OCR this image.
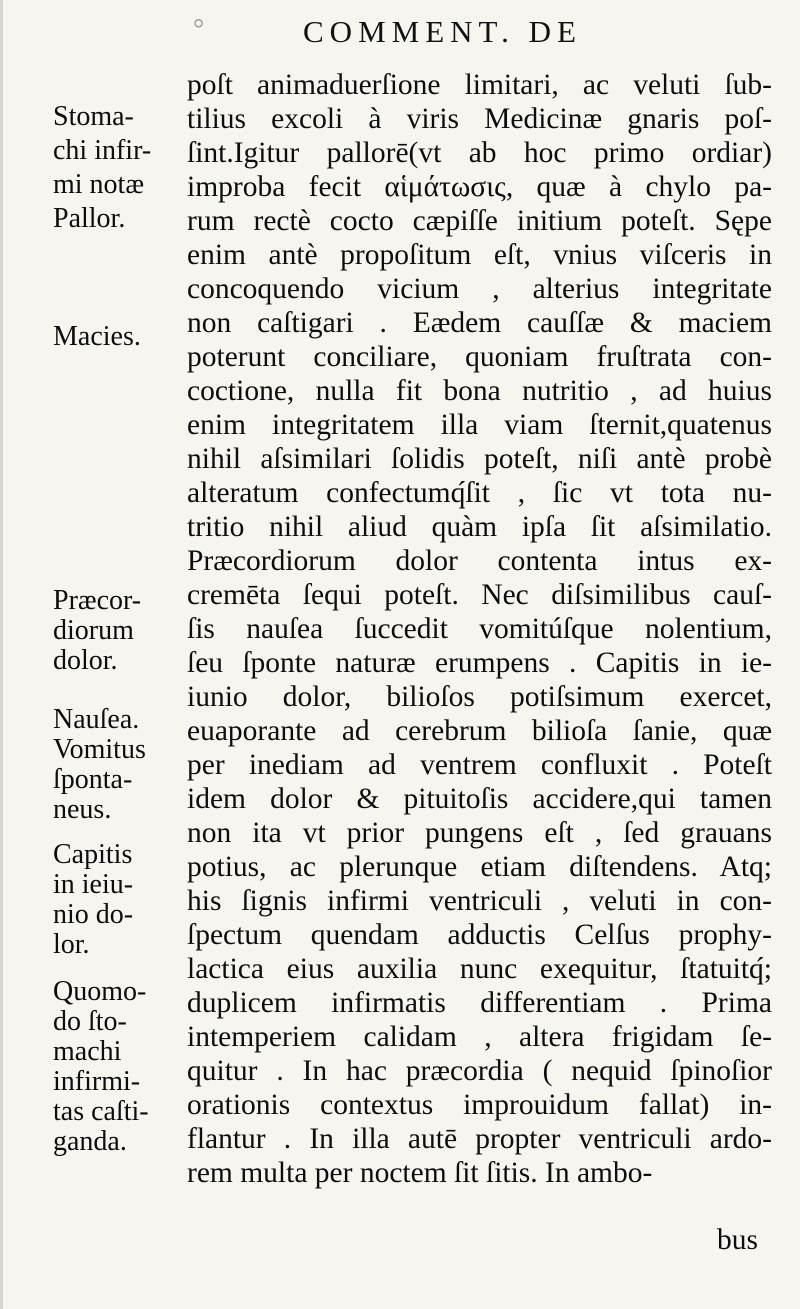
°	COMMENT. DE
poſt animaduerſione limitari, ac veluti ſub-
tilius excoli à viris Medicinæ gnaris poſ-
ſint.Igitur pallorē(vt ab hoc primo ordiar)
improba fecit αἱμάτωσις, quæ à chylo pa-
rum rectè cocto cæpiſſe initium poteſt. Sępe
enim antè propoſitum eſt, vnius viſceris in
concoquendo vicium , alterius integritate
non caſtigari . Eædem cauſſæ & maciem
poterunt conciliare, quoniam fruſtrata con-
coctione, nulla fit bona nutritio , ad huius
enim integritatem illa viam ſternit,quatenus
nihil aſsimilari ſolidis poteſt, niſi antè probè
alteratum confectumq́ſit , ſic vt tota nu-
tritio nihil aliud quàm ipſa ſit aſsimilatio.
Præcordiorum dolor contenta intus ex-
cremēta ſequi poteſt. Nec diſsimilibus cauſ-
ſis nauſea ſuccedit vomitúſque nolentium,
ſeu ſponte naturæ erumpens . Capitis in ie-
iunio dolor, bilioſos potiſsimum exercet,
euaporante ad cerebrum bilioſa ſanie, quæ
per inediam ad ventrem confluxit . Poteſt
idem dolor & pituitoſis accidere,qui tamen
non ita vt prior pungens eſt , ſed grauans
potius, ac plerunque etiam diſtendens. Atq;
his ſignis infirmi ventriculi , veluti in con-
ſpectum quendam adductis Celſus prophy-
lactica eius auxilia nunc exequitur, ſtatuitq́;
duplicem infirmatis differentiam . Prima
intemperiem calidam , altera frigidam ſe-
quitur . In hac præcordia ( nequid ſpinoſior
orationis contextus improuidum fallat) in-
flantur . In illa autē propter ventriculi ardo-
rem multa per noctem ſit ſitis. In ambo-
bus
Stoma-
chi infir-
mi notæ
Pallor.
Macies.
Præcor-
diorum
dolor.
Nauſea.
Vomitus
ſponta-
neus.
Capitis
in ieiu-
nio do-
lor.
Quomo-
do ſto-
machi
infirmi-
tas caſti-
ganda.
